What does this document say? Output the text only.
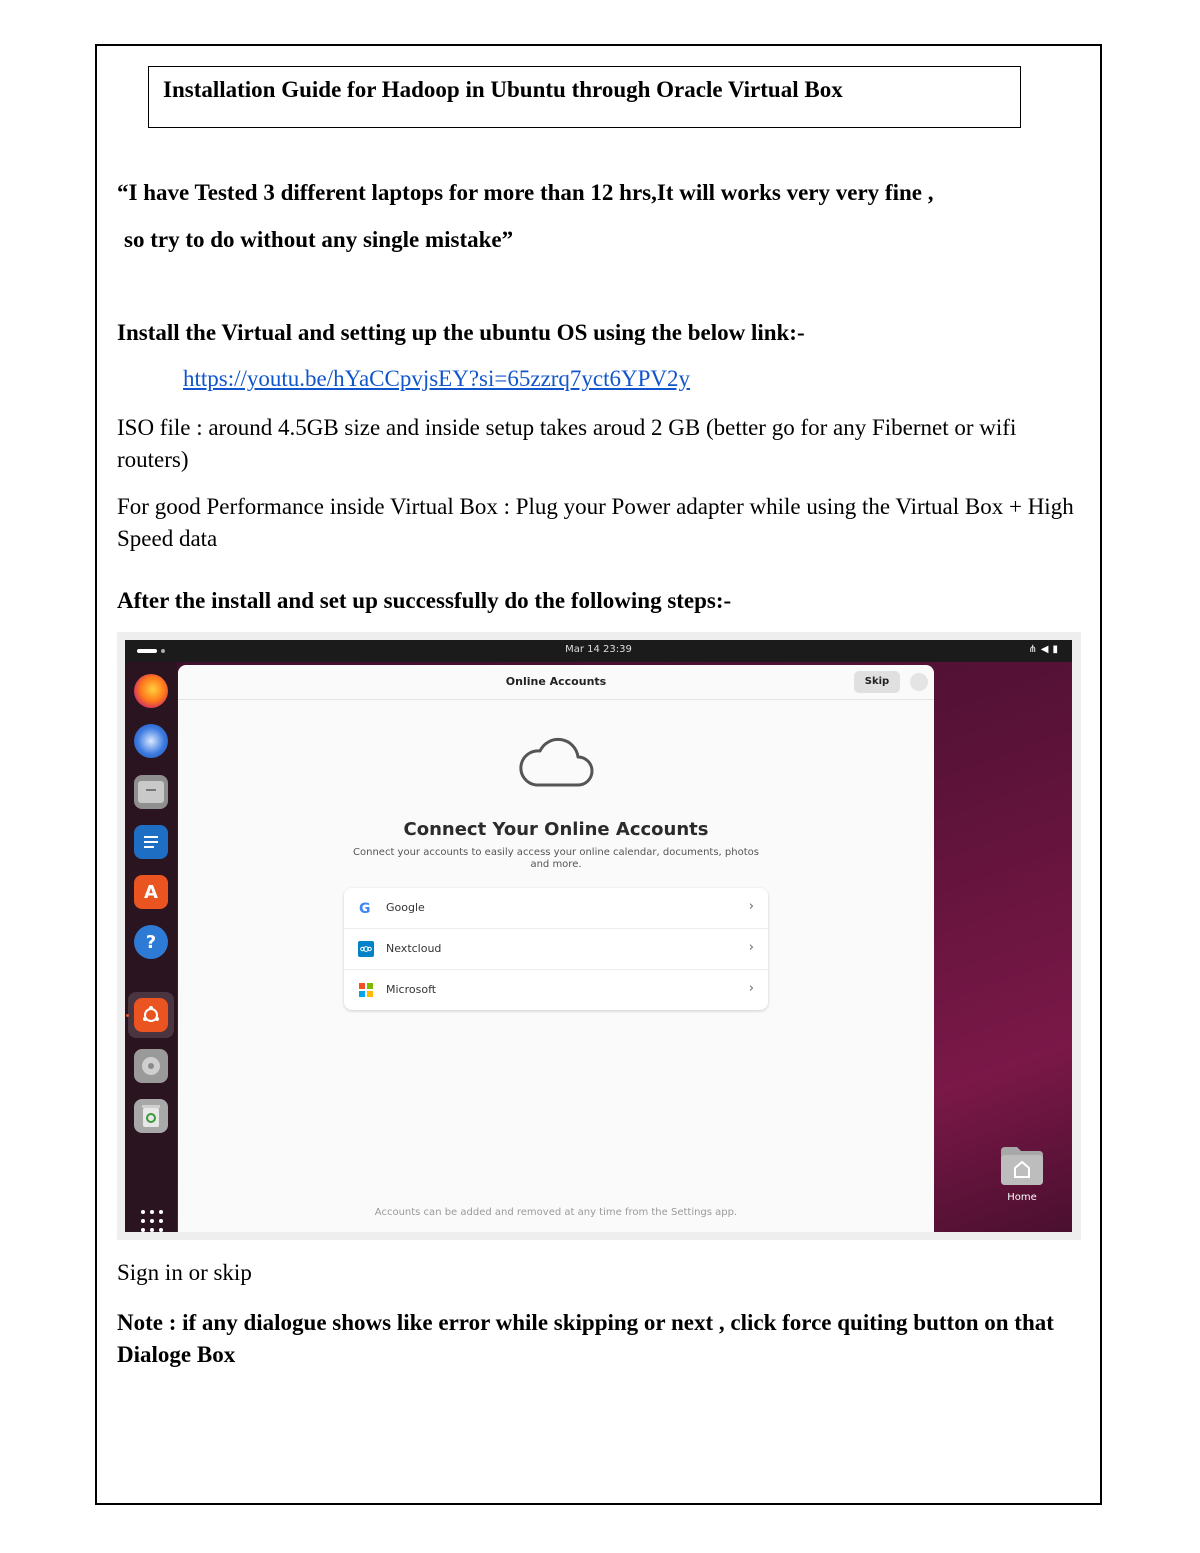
Installation Guide for Hadoop in Ubuntu through Oracle Virtual Box
“I have Tested 3 different laptops for more than 12 hrs,It will works very very fine ,
so try to do without any single mistake”
Install the Virtual and setting up the ubuntu OS using the below link:-
https://youtu.be/hYaCCpvjsEY?si=65zzrq7yct6YPV2y
ISO file : around 4.5GB size and inside setup takes aroud 2 GB (better go for any Fibernet or wifi routers)
For good Performance inside Virtual Box : Plug your Power adapter while using the Virtual Box + High Speed data
After the install and set up successfully do the following steps:-
Mar 14 23:39	⋔◀▮
A
?
Online Accounts	Skip
Connect Your Online Accounts
Connect your accounts to easily access your online calendar, documents, photos and more.
G Google	›
Nextcloud	›
Microsoft	›
Accounts can be added and removed at any time from the Settings app.
Home
Sign in or skip
Note : if any dialogue shows like error while skipping or next , click force quiting button on that Dialoge Box
